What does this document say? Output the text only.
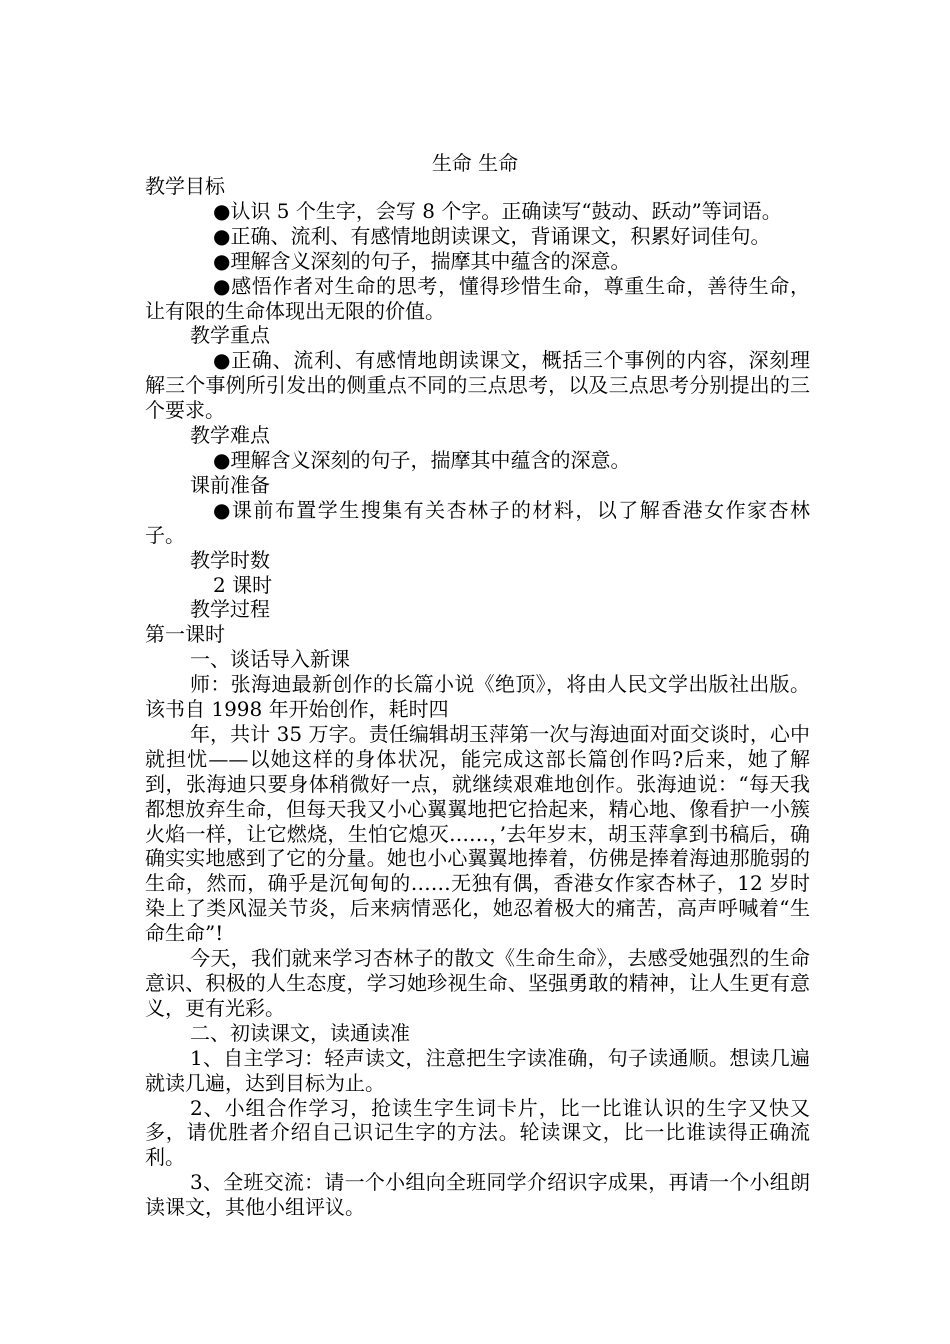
生命 生命

教学目标

●认识 5 个生字，会写 8 个字。正确读写“鼓动、跃动”等词语。

●正确、流利、有感情地朗读课文，背诵课文，积累好词佳句。

●理解含义深刻的句子，揣摩其中蕴含的深意。

●感悟作者对生命的思考，懂得珍惜生命，尊重生命，善待生命，让有限的生命体现出无限的价值。

教学重点

●正确、流利、有感情地朗读课文，概括三个事例的内容，深刻理解三个事例所引发出的侧重点不同的三点思考，以及三点思考分别提出的三个要求。

教学难点

●理解含义深刻的句子，揣摩其中蕴含的深意。

课前准备

●课前布置学生搜集有关杏林子的材料，以了解香港女作家杏林子。

教学时数

2 课时

教学过程

第一课时

一、谈话导入新课

师：张海迪最新创作的长篇小说《绝顶》，将由人民文学出版社出版。该书自 1998 年开始创作，耗时四

年，共计 35 万字。责任编辑胡玉萍第一次与海迪面对面交谈时，心中就担忧——以她这样的身体状况，能完成这部长篇创作吗?后来，她了解到，张海迪只要身体稍微好一点，就继续艰难地创作。张海迪说：“每天我都想放弃生命，但每天我又小心翼翼地把它拾起来，精心地、像看护一小簇火焰一样，让它燃烧，生怕它熄灭……，’去年岁末，胡玉萍拿到书稿后，确确实实地感到了它的分量。她也小心翼翼地捧着，仿佛是捧着海迪那脆弱的生命，然而，确乎是沉甸甸的……无独有偶，香港女作家杏林子，12 岁时染上了类风湿关节炎，后来病情恶化，她忍着极大的痛苦，高声呼喊着“生命生命”!

今天，我们就来学习杏林子的散文《生命生命》，去感受她强烈的生命意识、积极的人生态度，学习她珍视生命、坚强勇敢的精神，让人生更有意义，更有光彩。

二、初读课文，读通读准

1、自主学习：轻声读文，注意把生字读准确，句子读通顺。想读几遍就读几遍，达到目标为止。

2、小组合作学习，抢读生字生词卡片，比一比谁认识的生字又快又多，请优胜者介绍自己识记生字的方法。轮读课文，比一比谁读得正确流利。

3、全班交流：请一个小组向全班同学介绍识字成果，再请一个小组朗读课文，其他小组评议。
